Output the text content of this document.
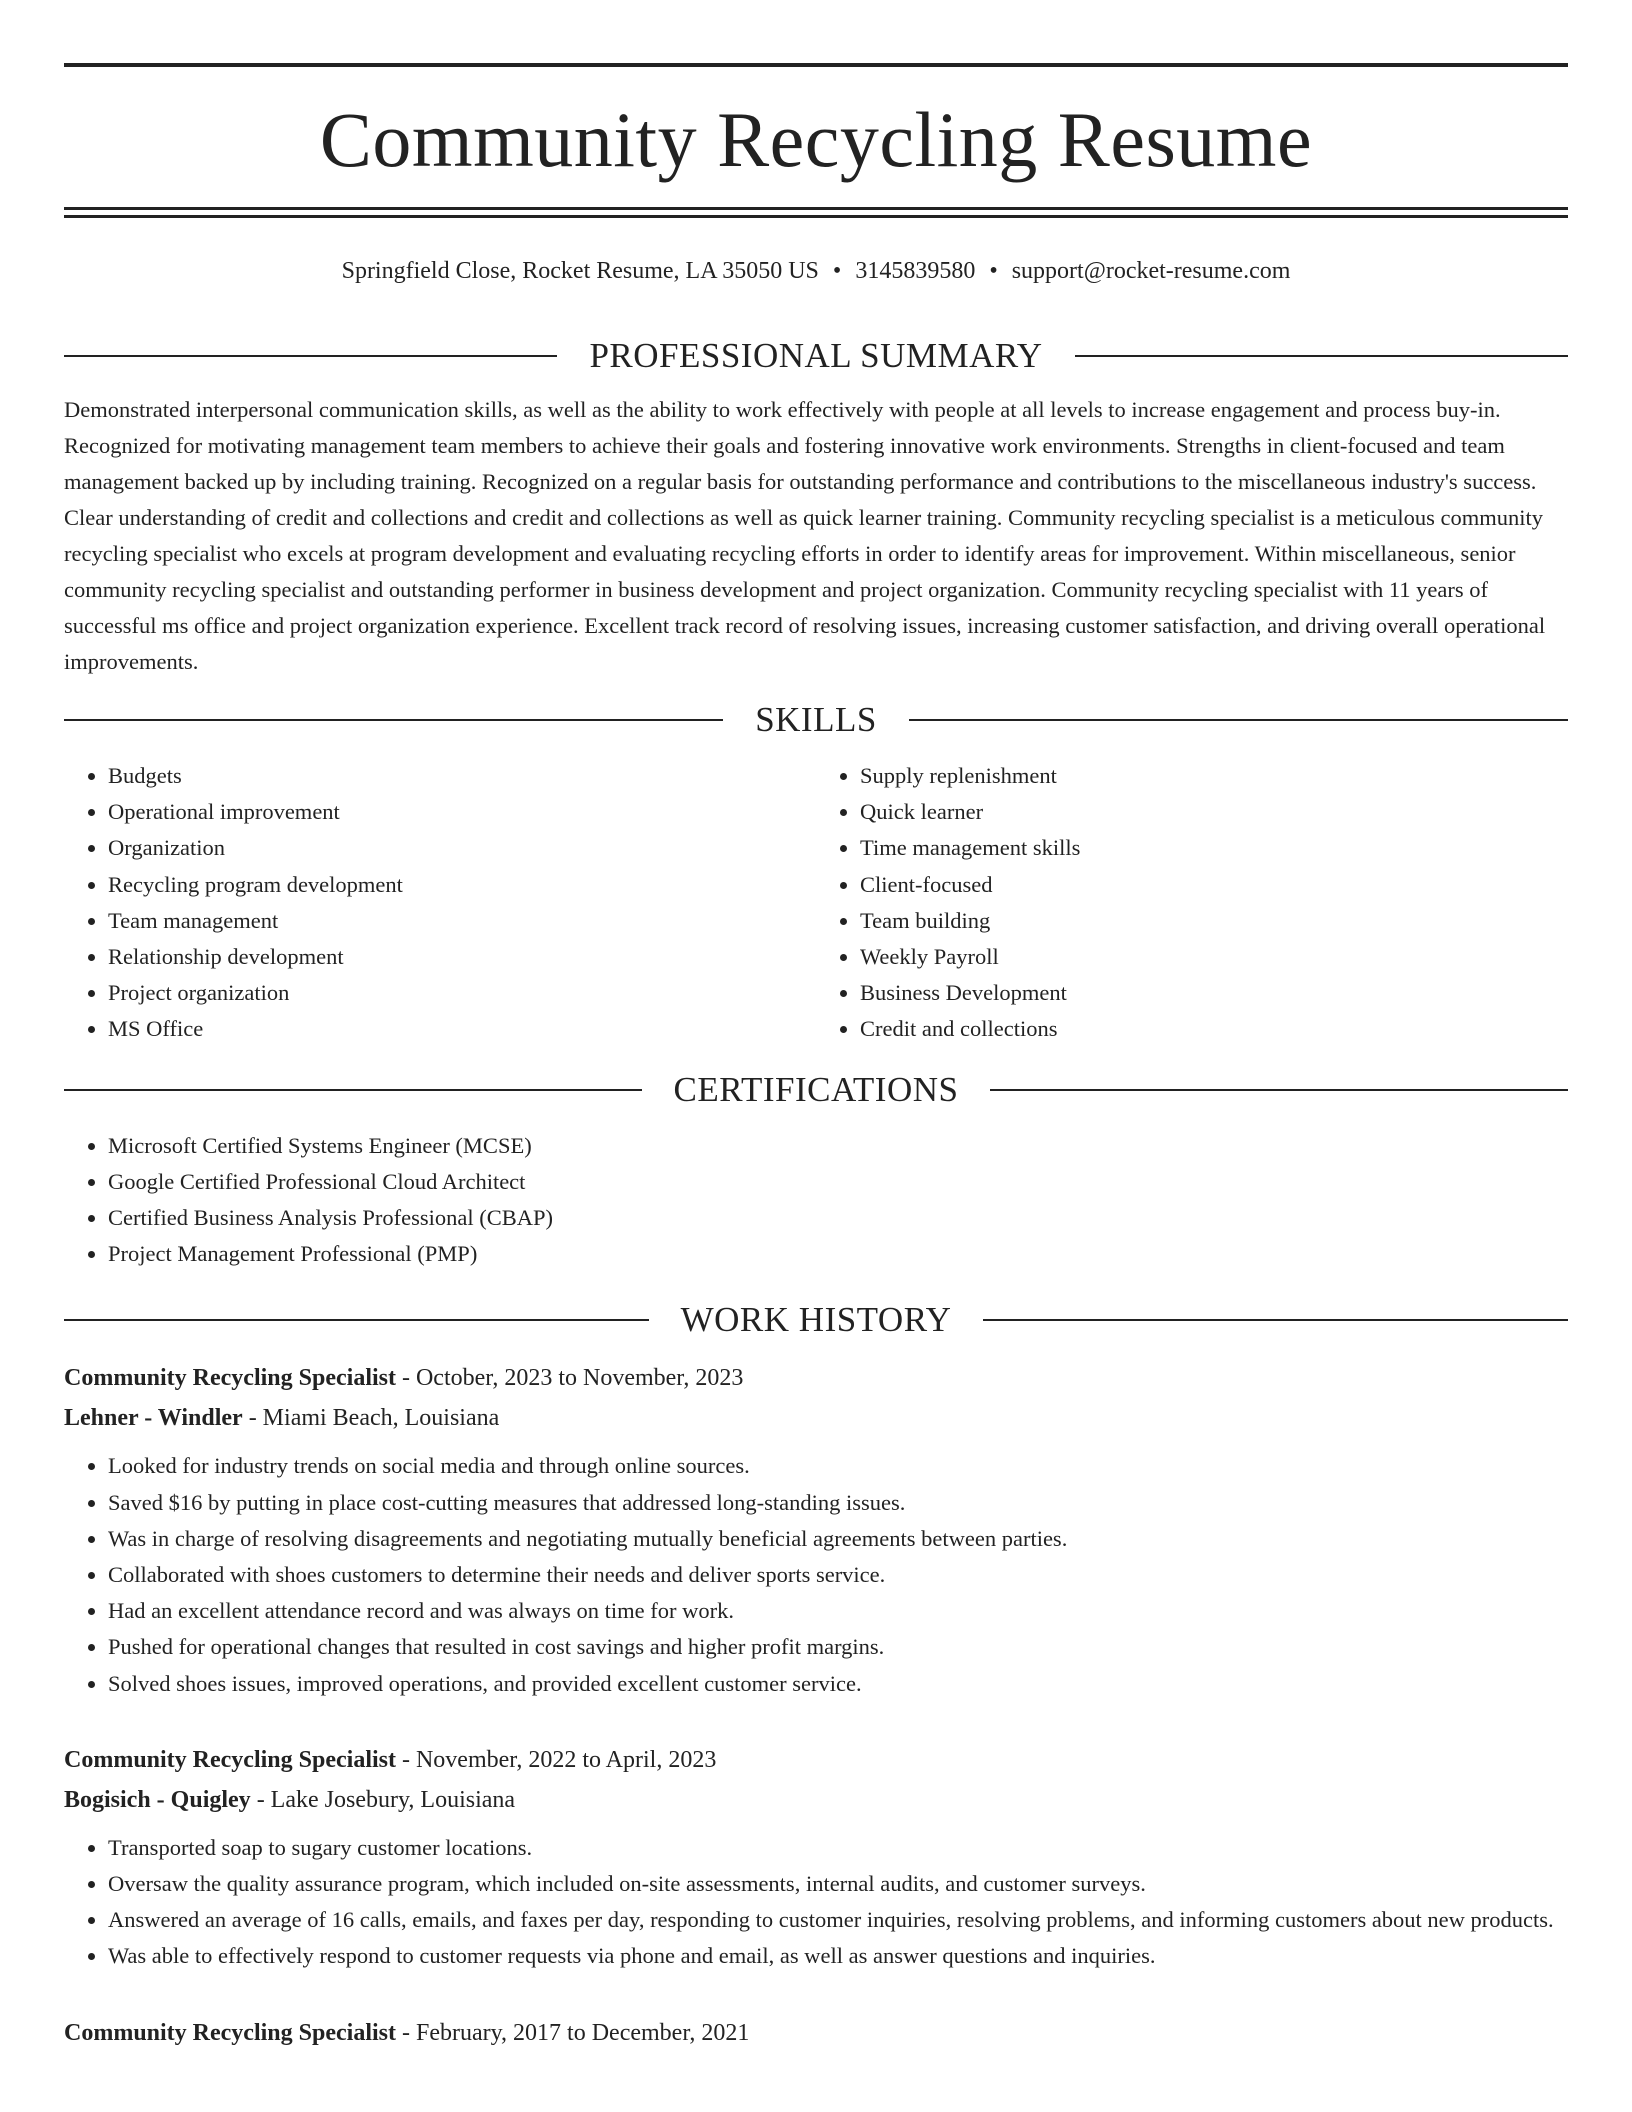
Community Recycling Resume
Springfield Close, Rocket Resume, LA 35050 US • 3145839580 • support@rocket-resume.com
PROFESSIONAL SUMMARY

Demonstrated interpersonal communication skills, as well as the ability to work effectively with people at all levels to increase engagement and process buy-in. Recognized for motivating management team members to achieve their goals and fostering innovative work environments. Strengths in client-focused and team management backed up by including training. Recognized on a regular basis for outstanding performance and contributions to the miscellaneous industry's success. Clear understanding of credit and collections and credit and collections as well as quick learner training. Community recycling specialist is a meticulous community recycling specialist who excels at program development and evaluating recycling efforts in order to identify areas for improvement. Within miscellaneous, senior community recycling specialist and outstanding performer in business development and project organization. Community recycling specialist with 11 years of successful ms office and project organization experience. Excellent track record of resolving issues, increasing customer satisfaction, and driving overall operational improvements.

SKILLS
• Budgets
• Operational improvement
• Organization
• Recycling program development
• Team management
• Relationship development
• Project organization
• MS Office
• Supply replenishment
• Quick learner
• Time management skills
• Client-focused
• Team building
• Weekly Payroll
• Business Development
• Credit and collections
CERTIFICATIONS
• Microsoft Certified Systems Engineer (MCSE)
• Google Certified Professional Cloud Architect
• Certified Business Analysis Professional (CBAP)
• Project Management Professional (PMP)
WORK HISTORY
Community Recycling Specialist - October, 2023 to November, 2023
Lehner - Windler - Miami Beach, Louisiana
• Looked for industry trends on social media and through online sources.
• Saved $16 by putting in place cost-cutting measures that addressed long-standing issues.
• Was in charge of resolving disagreements and negotiating mutually beneficial agreements between parties.
• Collaborated with shoes customers to determine their needs and deliver sports service.
• Had an excellent attendance record and was always on time for work.
• Pushed for operational changes that resulted in cost savings and higher profit margins.
• Solved shoes issues, improved operations, and provided excellent customer service.
Community Recycling Specialist - November, 2022 to April, 2023
Bogisich - Quigley - Lake Josebury, Louisiana
• Transported soap to sugary customer locations.
• Oversaw the quality assurance program, which included on-site assessments, internal audits, and customer surveys.
• Answered an average of 16 calls, emails, and faxes per day, responding to customer inquiries, resolving problems, and informing customers about new products.
• Was able to effectively respond to customer requests via phone and email, as well as answer questions and inquiries.
Community Recycling Specialist - February, 2017 to December, 2021
